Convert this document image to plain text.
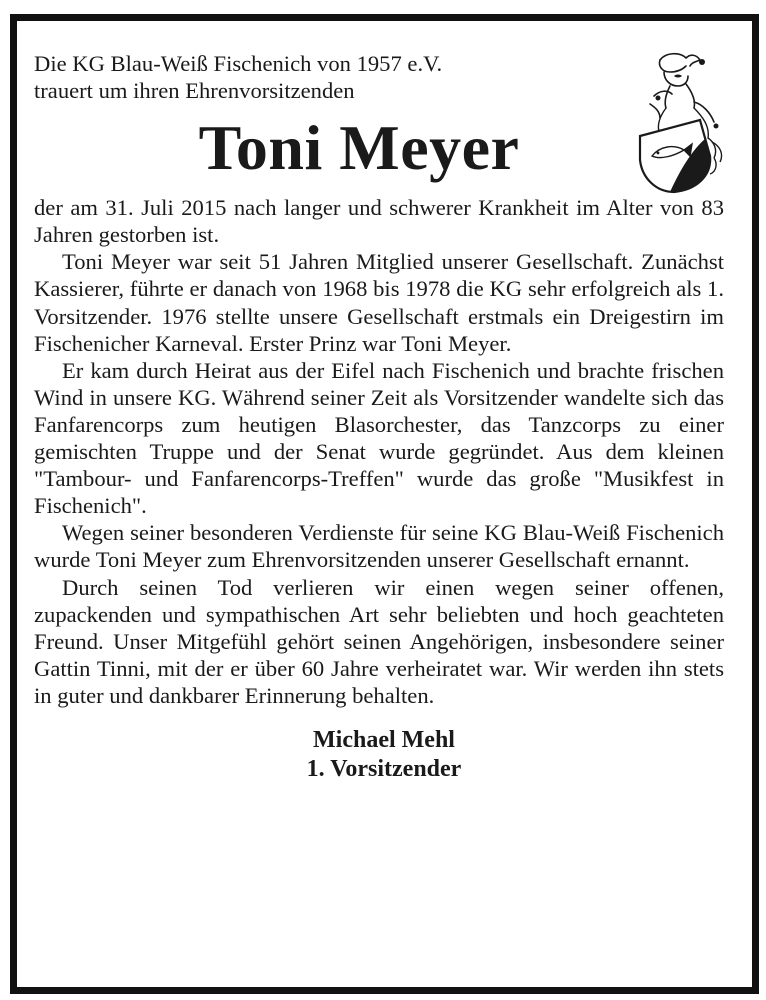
Die KG Blau-Weiß Fischenich von 1957 e.V.
trauert um ihren Ehrenvorsitzenden

Toni Meyer

der am 31. Juli 2015 nach langer und schwerer Krankheit im Alter von 83 Jahren gestorben ist.

Toni Meyer war seit 51 Jahren Mitglied unserer Gesellschaft. Zunächst Kassierer, führte er danach von 1968 bis 1978 die KG sehr erfolgreich als 1. Vorsitzender. 1976 stellte unsere Gesellschaft erstmals ein Dreigestirn im Fischenicher Karneval. Erster Prinz war Toni Meyer.

Er kam durch Heirat aus der Eifel nach Fischenich und brachte frischen Wind in unsere KG. Während seiner Zeit als Vorsitzender wandelte sich das Fanfarencorps zum heutigen Blasorchester, das Tanzcorps zu einer gemischten Truppe und der Senat wurde gegründet. Aus dem kleinen "Tambour- und Fanfarencorps-Treffen" wurde das große "Musikfest in Fischenich".

Wegen seiner besonderen Verdienste für seine KG Blau-Weiß Fischenich wurde Toni Meyer zum Ehrenvorsitzenden unserer Gesellschaft ernannt.

Durch seinen Tod verlieren wir einen wegen seiner offenen, zupackenden und sympathischen Art sehr beliebten und hoch geachteten Freund. Unser Mitgefühl gehört seinen Angehörigen, insbesondere seiner Gattin Tinni, mit der er über 60 Jahre verheiratet war. Wir werden ihn stets in guter und dankbarer Erinnerung behalten.

Michael Mehl
1. Vorsitzender
